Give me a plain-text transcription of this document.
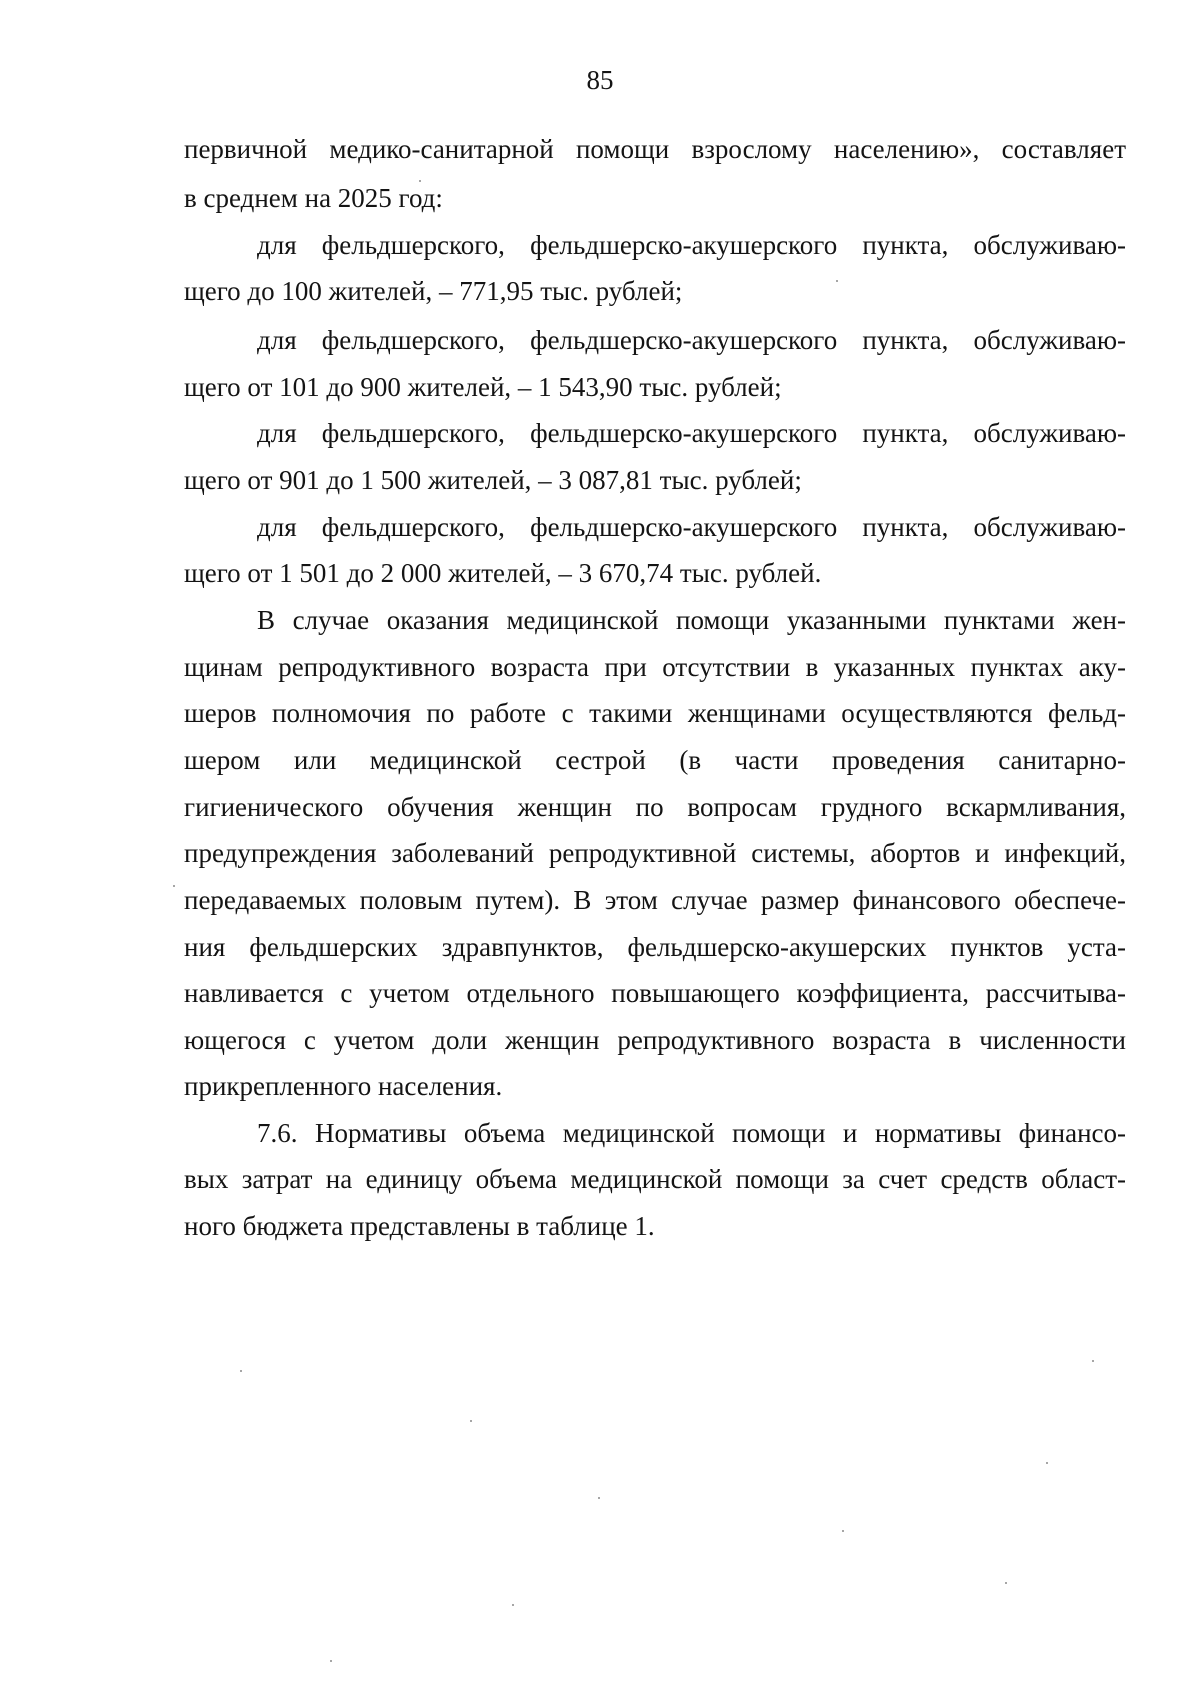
85
первичной медико-санитарной помощи взрослому населению», составляет
в среднем на 2025 год:
для фельдшерского, фельдшерско-акушерского пункта, обслуживаю-
щего до 100 жителей, – 771,95 тыс. рублей;
для фельдшерского, фельдшерско-акушерского пункта, обслуживаю-
щего от 101 до 900 жителей, – 1 543,90 тыс. рублей;
для фельдшерского, фельдшерско-акушерского пункта, обслуживаю-
щего от 901 до 1 500 жителей, – 3 087,81 тыс. рублей;
для фельдшерского, фельдшерско-акушерского пункта, обслуживаю-
щего от 1 501 до 2 000 жителей, – 3 670,74 тыс. рублей.
В случае оказания медицинской помощи указанными пунктами жен-
щинам репродуктивного возраста при отсутствии в указанных пунктах аку-
шеров полномочия по работе с такими женщинами осуществляются фельд-
шером или медицинской сестрой (в части проведения санитарно-
гигиенического обучения женщин по вопросам грудного вскармливания,
предупреждения заболеваний репродуктивной системы, абортов и инфекций,
передаваемых половым путем). В этом случае размер финансового обеспече-
ния фельдшерских здравпунктов, фельдшерско-акушерских пунктов уста-
навливается с учетом отдельного повышающего коэффициента, рассчитыва-
ющегося с учетом доли женщин репродуктивного возраста в численности
прикрепленного населения.
7.6. Нормативы объема медицинской помощи и нормативы финансо-
вых затрат на единицу объема медицинской помощи за счет средств област-
ного бюджета представлены в таблице 1.
